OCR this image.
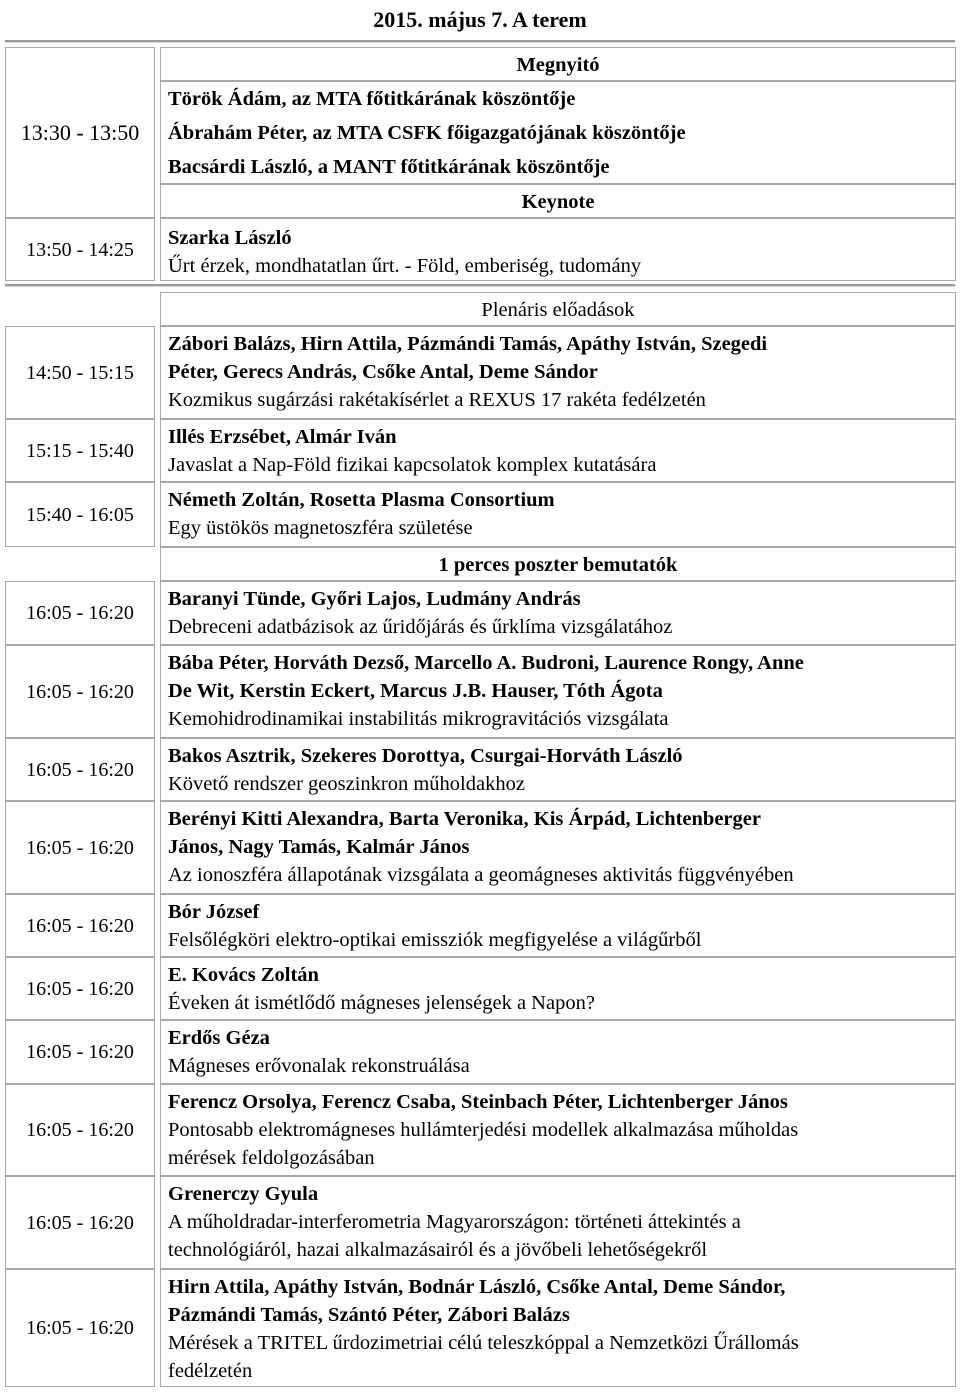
2015. május 7. A terem
13:30 - 13:50
Megnyitó
Török Ádám, az MTA főtitkárának köszöntője
Ábrahám Péter, az MTA CSFK főigazgatójának köszöntője
Bacsárdi László, a MANT főtitkárának köszöntője
Keynote
13:50 - 14:25
Szarka László
Űrt érzek, mondhatatlan űrt. - Föld, emberiség, tudomány
Plenáris előadások
14:50 - 15:15
Zábori Balázs, Hirn Attila, Pázmándi Tamás, Apáthy István, Szegedi
Péter, Gerecs András, Csőke Antal, Deme Sándor
Kozmikus sugárzási rakétakísérlet a REXUS 17 rakéta fedélzetén
15:15 - 15:40
Illés Erzsébet, Almár Iván
Javaslat a Nap-Föld fizikai kapcsolatok komplex kutatására
15:40 - 16:05
Németh Zoltán, Rosetta Plasma Consortium
Egy üstökös magnetoszféra születése
1 perces poszter bemutatók
16:05 - 16:20
Baranyi Tünde, Győri Lajos, Ludmány András
Debreceni adatbázisok az űridőjárás és űrklíma vizsgálatához
16:05 - 16:20
Bába Péter, Horváth Dezső, Marcello A. Budroni, Laurence Rongy, Anne
De Wit, Kerstin Eckert, Marcus J.B. Hauser, Tóth Ágota
Kemohidrodinamikai instabilitás mikrogravitációs vizsgálata
16:05 - 16:20
Bakos Asztrik, Szekeres Dorottya, Csurgai-Horváth László
Követő rendszer geoszinkron műholdakhoz
16:05 - 16:20
Berényi Kitti Alexandra, Barta Veronika, Kis Árpád, Lichtenberger
János, Nagy Tamás, Kalmár János
Az ionoszféra állapotának vizsgálata a geomágneses aktivitás függvényében
16:05 - 16:20
Bór József
Felsőlégköri elektro-optikai emissziók megfigyelése a világűrből
16:05 - 16:20
E. Kovács Zoltán
Éveken át ismétlődő mágneses jelenségek a Napon?
16:05 - 16:20
Erdős Géza
Mágneses erővonalak rekonstruálása
16:05 - 16:20
Ferencz Orsolya, Ferencz Csaba, Steinbach Péter, Lichtenberger János
Pontosabb elektromágneses hullámterjedési modellek alkalmazása műholdas
mérések feldolgozásában
16:05 - 16:20
Grenerczy Gyula
A műholdradar-interferometria Magyarországon: történeti áttekintés a
technológiáról, hazai alkalmazásairól és a jövőbeli lehetőségekről
16:05 - 16:20
Hirn Attila, Apáthy István, Bodnár László, Csőke Antal, Deme Sándor,
Pázmándi Tamás, Szántó Péter, Zábori Balázs
Mérések a TRITEL űrdozimetriai célú teleszkóppal a Nemzetközi Űrállomás
fedélzetén
